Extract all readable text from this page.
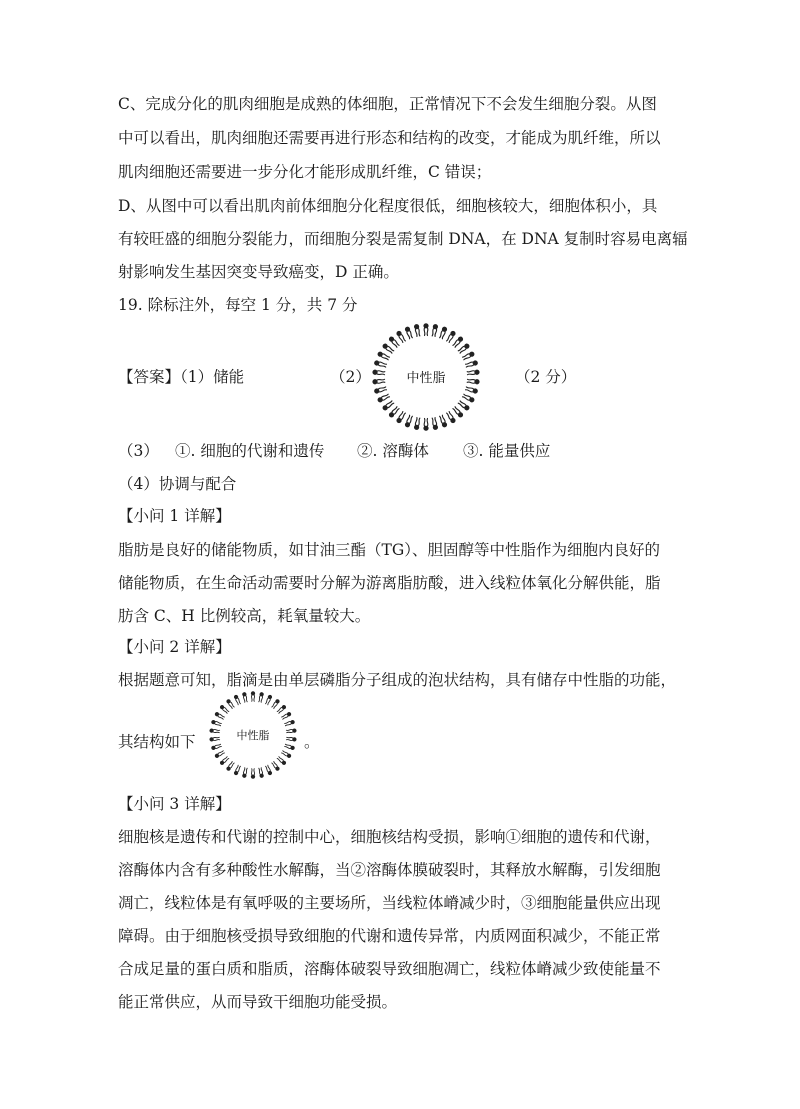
C、完成分化的肌肉细胞是成熟的体细胞，正常情况下不会发生细胞分裂。从图
中可以看出，肌肉细胞还需要再进行形态和结构的改变，才能成为肌纤维，所以
肌肉细胞还需要进一步分化才能形成肌纤维，C 错误；
D、从图中可以看出肌肉前体细胞分化程度很低，细胞核较大，细胞体积小，具
有较旺盛的细胞分裂能力，而细胞分裂是需复制 DNA，在 DNA 复制时容易电离辐
射影响发生基因突变导致癌变，D 正确。
19. 除标注外，每空 1 分，共 7 分
【答案】（1）储能	（2）	中性脂	（2 分）
（3） ①. 细胞的代谢和遗传 ②. 溶酶体 ③. 能量供应
（4）协调与配合
【小问 1 详解】
脂肪是良好的储能物质，如甘油三酯（TG）、胆固醇等中性脂作为细胞内良好的
储能物质，在生命活动需要时分解为游离脂肪酸，进入线粒体氧化分解供能，脂
肪含 C、H 比例较高，耗氧量较大。
【小问 2 详解】
根据题意可知，脂滴是由单层磷脂分子组成的泡状结构，具有储存中性脂的功能，
其结构如下	中性脂 。
【小问 3 详解】
细胞核是遗传和代谢的控制中心，细胞核结构受损，影响①细胞的遗传和代谢，
溶酶体内含有多种酸性水解酶，当②溶酶体膜破裂时，其释放水解酶，引发细胞
凋亡，线粒体是有氧呼吸的主要场所，当线粒体嵴减少时，③细胞能量供应出现
障碍。由于细胞核受损导致细胞的代谢和遗传异常，内质网面积减少，不能正常
合成足量的蛋白质和脂质，溶酶体破裂导致细胞凋亡，线粒体嵴减少致使能量不
能正常供应，从而导致干细胞功能受损。
